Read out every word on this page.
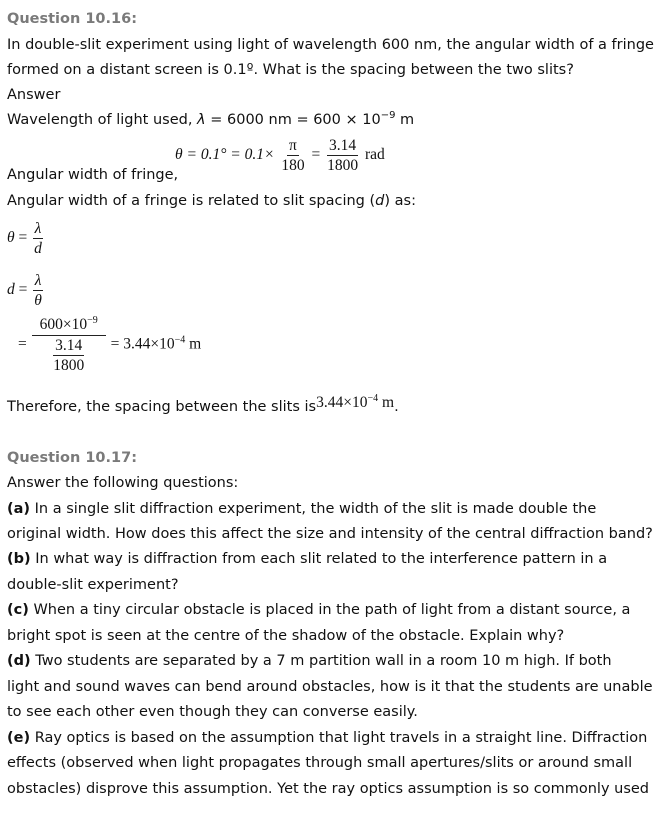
Question 10.16:
In double-slit experiment using light of wavelength 600 nm, the angular width of a fringe
formed on a distant screen is 0.1º. What is the spacing between the two slits?
Answer
Wavelength of light used, λ = 6000 nm = $600 \times 10^{-9}$ m
$\theta = 0.1^\circ = 0.1\times \frac{\pi}{180} = \frac{3.14}{1800}$ rad
Angular width of fringe,
Angular width of a fringe is related to slit spacing (d) as:
$\theta = \frac{\lambda}{d}$
$d = \frac{\lambda}{\theta}$
= $\frac{600\times 10^{-9}}{\frac{3.14}{1800}} = 3.44\times 10^{-4}$ m
Therefore, the spacing between the slits $is3.44\times 10^{-4}$ m.
Question 10.17:
Answer the following questions:
(a) In a single slit diffraction experiment, the width of the slit is made double the
original width. How does this affect the size and intensity of the central diffraction band?
(b) In what way is diffraction from each slit related to the interference pattern in a
double-slit experiment?
(c) When a tiny circular obstacle is placed in the path of light from a distant source, a
bright spot is seen at the centre of the shadow of the obstacle. Explain why?
(d) Two students are separated by a 7 m partition wall in a room 10 m high. If both
light and sound waves can bend around obstacles, how is it that the students are unable
to see each other even though they can converse easily.
(e) Ray optics is based on the assumption that light travels in a straight line. Diffraction
effects (observed when light propagates through small apertures/slits or around small
obstacles) disprove this assumption. Yet the ray optics assumption is so commonly used
